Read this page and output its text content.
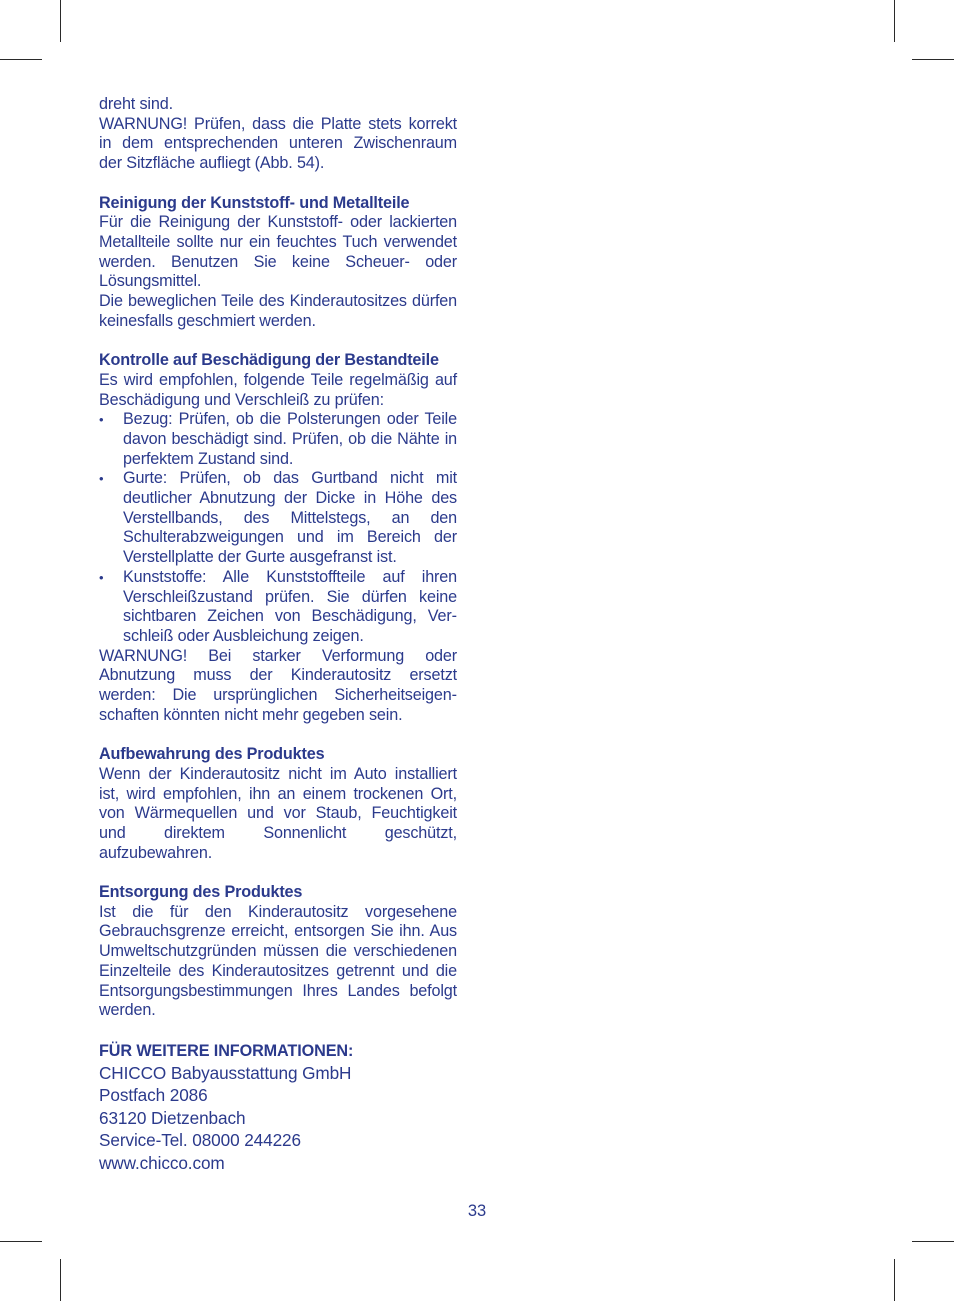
dreht sind.

WARNUNG! Prüfen, dass die Platte stets korrekt in dem entsprechenden unteren Zwischenraum der Sitzfläche aufliegt (Abb. 54).

Reinigung der Kunststoff- und Metallteile

Für die Reinigung der Kunststoff- oder lackierten Metallteile sollte nur ein feuchtes Tuch verwendet werden. Benutzen Sie keine Scheuer- oder Lösungsmittel.

Die beweglichen Teile des Kinderautositzes dürfen keinesfalls geschmiert werden.

Kontrolle auf Beschädigung der Bestandteile

Es wird empfohlen, folgende Teile regelmäßig auf Beschädigung und Verschleiß zu prüfen:

• Bezug: Prüfen, ob die Polsterungen oder Teile davon beschädigt sind. Prüfen, ob die Nähte in perfektem Zustand sind.
• Gurte: Prüfen, ob das Gurtband nicht mit deutlicher Abnutzung der Dicke in Höhe des Verstellbands, des Mittelstegs, an den Schulterabzweigungen und im Bereich der Verstellplatte der Gurte ausgefranst ist.
• Kunststoffe: Alle Kunststoffteile auf ihren Verschleißzustand prüfen. Sie dürfen keine sichtbaren Zeichen von Beschädigung, Verschleiß oder Ausbleichung zeigen.

WARNUNG! Bei starker Verformung oder Abnutzung muss der Kinderautositz ersetzt werden: Die ursprünglichen Sicherheitseigenschaften könnten nicht mehr gegeben sein.

Aufbewahrung des Produktes

Wenn der Kinderautositz nicht im Auto installiert ist, wird empfohlen, ihn an einem trockenen Ort, von Wärmequellen und vor Staub, Feuchtigkeit und direktem Sonnenlicht geschützt, aufzubewahren.

Entsorgung des Produktes

Ist die für den Kinderautositz vorgesehene Gebrauchsgrenze erreicht, entsorgen Sie ihn. Aus Umweltschutzgründen müssen die verschiedenen Einzelteile des Kinderautositzes getrennt und die Entsorgungsbestimmungen Ihres Landes befolgt werden.

FÜR WEITERE INFORMATIONEN:

CHICCO Babyausstattung GmbH

Postfach 2086

63120 Dietzenbach

Service-Tel. 08000 244226

www.chicco.com

33
